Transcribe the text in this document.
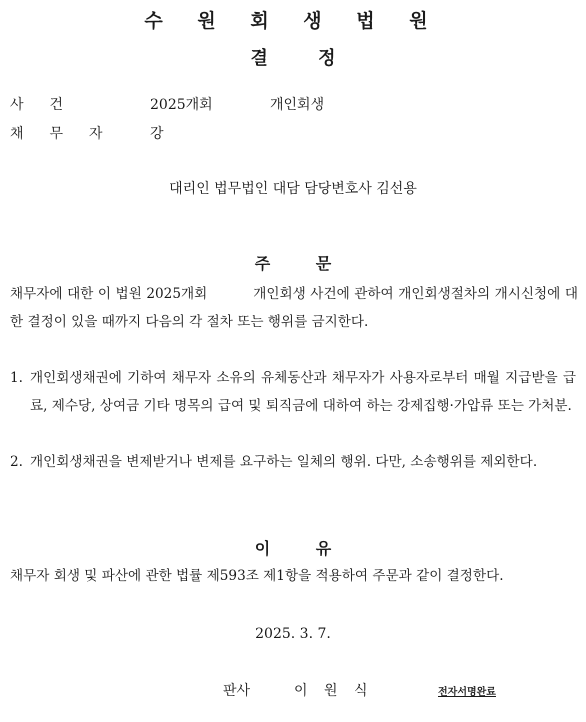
수 원 회 생 법 원
결 정
사건	2025개회	개인회생
채무자 강
대리인 법무법인 대담 담당변호사 김선용
주 문
채무자에 대한 이 법원 2025개회	개인회생 사건에 관하여 개인회생절차의 개시신청에 대한 결정이 있을 때까지 다음의 각 절차 또는 행위를 금지한다.
1. 개인회생채권에 기하여 채무자 소유의 유체동산과 채무자가 사용자로부터 매월 지급받을 급료, 제수당, 상여금 기타 명목의 급여 및 퇴직금에 대하여 하는 강제집행·가압류 또는 가처분.
2. 개인회생채권을 변제받거나 변제를 요구하는 일체의 행위. 다만, 소송행위를 제외한다.
이 유
채무자 회생 및 파산에 관한 법률 제593조 제1항을 적용하여 주문과 같이 결정한다.
2025. 3. 7.
판사	이 원 식	전자서명완료
